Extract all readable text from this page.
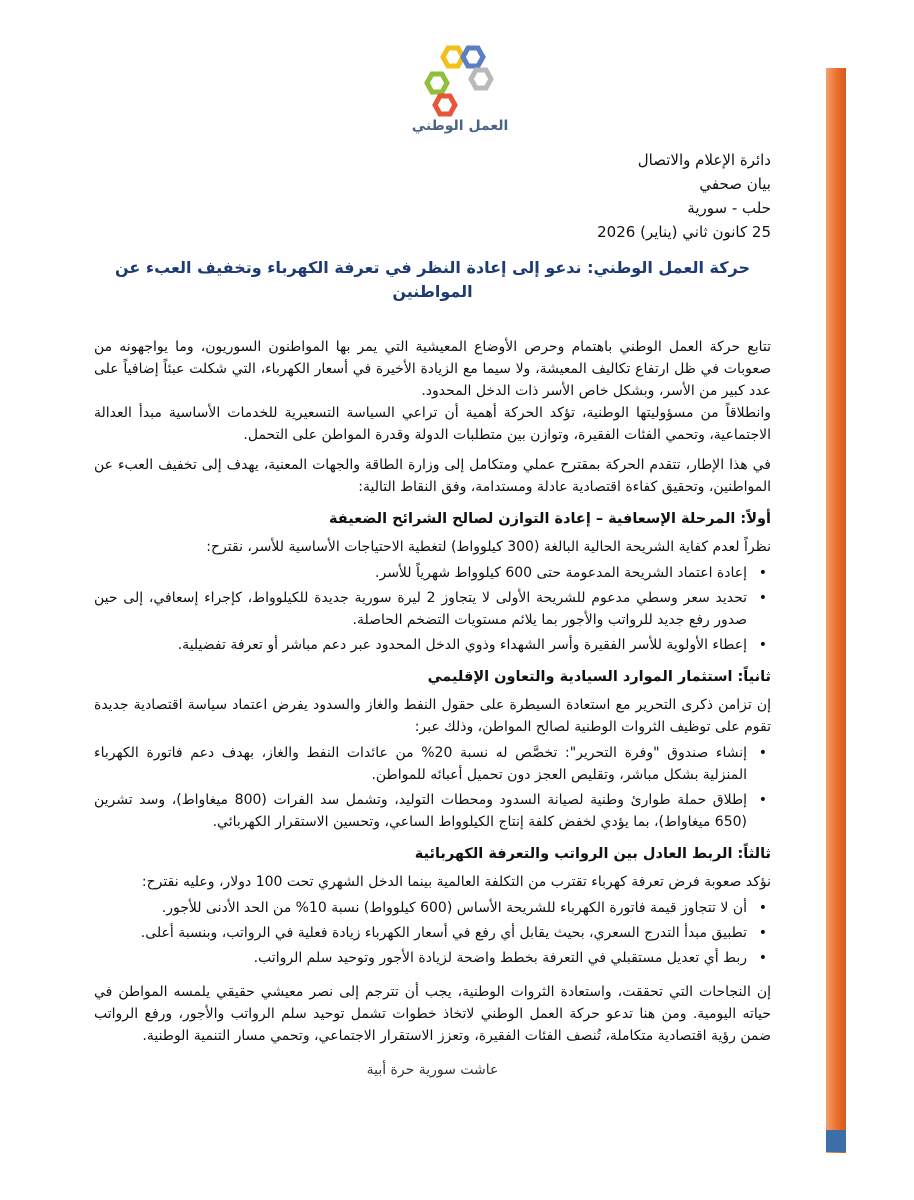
العمل الوطني
دائرة الإعلام والاتصال
بيان صحفي
حلب - سورية
25 كانون ثاني (يناير) 2026
حركة العمل الوطني: ندعو إلى إعادة النظر في تعرفة الكهرباء وتخفيف العبء عن المواطنين

تتابع حركة العمل الوطني باهتمام وحرص الأوضاع المعيشية التي يمر بها المواطنون السوريون، وما يواجهونه من صعوبات في ظل ارتفاع تكاليف المعيشة، ولا سيما مع الزيادة الأخيرة في أسعار الكهرباء، التي شكلت عبئاً إضافياً على عدد كبير من الأسر، وبشكل خاص الأسر ذات الدخل المحدود.

وانطلاقاً من مسؤوليتها الوطنية، تؤكد الحركة أهمية أن تراعي السياسة التسعيرية للخدمات الأساسية مبدأ العدالة الاجتماعية، وتحمي الفئات الفقيرة، وتوازن بين متطلبات الدولة وقدرة المواطن على التحمل.

في هذا الإطار، تتقدم الحركة بمقترح عملي ومتكامل إلى وزارة الطاقة والجهات المعنية، يهدف إلى تخفيف العبء عن المواطنين، وتحقيق كفاءة اقتصادية عادلة ومستدامة، وفق النقاط التالية:

أولاً: المرحلة الإسعافية – إعادة التوازن لصالح الشرائح الضعيفة

نظراً لعدم كفاية الشريحة الحالية البالغة (300 كيلوواط) لتغطية الاحتياجات الأساسية للأسر، نقترح:

• إعادة اعتماد الشريحة المدعومة حتى 600 كيلوواط شهرياً للأسر.
• تحديد سعر وسطي مدعوم للشريحة الأولى لا يتجاوز 2 ليرة سورية جديدة للكيلوواط، كإجراء إسعافي، إلى حين صدور رفع جديد للرواتب والأجور بما يلائم مستويات التضخم الحاصلة.
• إعطاء الأولوية للأسر الفقيرة وأسر الشهداء وذوي الدخل المحدود عبر دعم مباشر أو تعرفة تفضيلية.
ثانياً: استثمار الموارد السيادية والتعاون الإقليمي

إن تزامن ذكرى التحرير مع استعادة السيطرة على حقول النفط والغاز والسدود يفرض اعتماد سياسة اقتصادية جديدة تقوم على توظيف الثروات الوطنية لصالح المواطن، وذلك عبر:

• إنشاء صندوق "وفرة التحرير": تخصَّص له نسبة 20% من عائدات النفط والغاز، بهدف دعم فاتورة الكهرباء المنزلية بشكل مباشر، وتقليص العجز دون تحميل أعبائه للمواطن.
• إطلاق حملة طوارئ وطنية لصيانة السدود ومحطات التوليد، وتشمل سد الفرات (800 ميغاواط)، وسد تشرين (650 ميغاواط)، بما يؤدي لخفض كلفة إنتاج الكيلوواط الساعي، وتحسين الاستقرار الكهربائي.
ثالثاً: الربط العادل بين الرواتب والتعرفة الكهربائية

نؤكد صعوبة فرض تعرفة كهرباء تقترب من التكلفة العالمية بينما الدخل الشهري تحت 100 دولار، وعليه نقترح:

• أن لا تتجاوز قيمة فاتورة الكهرباء للشريحة الأساس (600 كيلوواط) نسبة 10% من الحد الأدنى للأجور.
• تطبيق مبدأ التدرج السعري، بحيث يقابل أي رفع في أسعار الكهرباء زيادة فعلية في الرواتب، وبنسبة أعلى.
• ربط أي تعديل مستقبلي في التعرفة بخطط واضحة لزيادة الأجور وتوحيد سلم الرواتب.

إن النجاحات التي تحققت، واستعادة الثروات الوطنية، يجب أن تترجم إلى نصر معيشي حقيقي يلمسه المواطن في حياته اليومية. ومن هنا تدعو حركة العمل الوطني لاتخاذ خطوات تشمل توحيد سلم الرواتب والأجور، ورفع الرواتب ضمن رؤية اقتصادية متكاملة، تُنصف الفئات الفقيرة، وتعزز الاستقرار الاجتماعي، وتحمي مسار التنمية الوطنية.

عاشت سورية حرة أبية
